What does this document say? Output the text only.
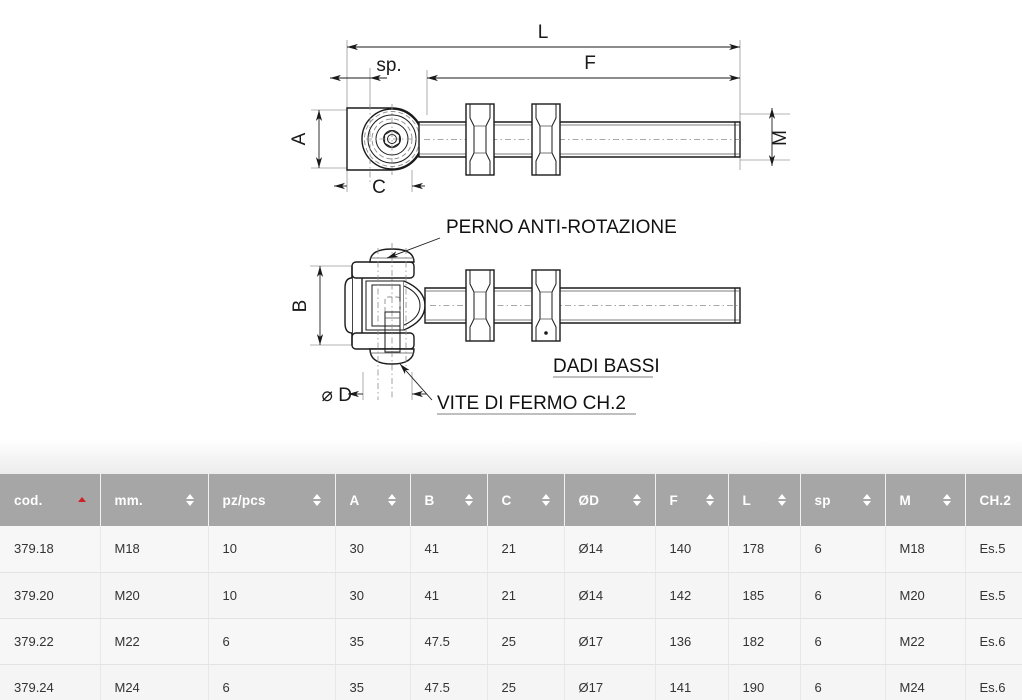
L
sp.	F
A
C
M
B
⌀ D
PERNO ANTI-ROTAZIONE
DADI BASSI
VITE DI FERMO CH.2
cod.	mm.	pz/pcs	A	B	C	ØD	F	L	sp	M	CH.2

379.18	M18	10	30	41	21	Ø14	140	178	6	M18	Es.5
379.20	M20	10	30	41	21	Ø14	142	185	6	M20	Es.5
379.22	M22	6	35	47.5	25	Ø17	136	182	6	M22	Es.6
379.24	M24	6	35	47.5	25	Ø17	141	190	6	M24	Es.6
